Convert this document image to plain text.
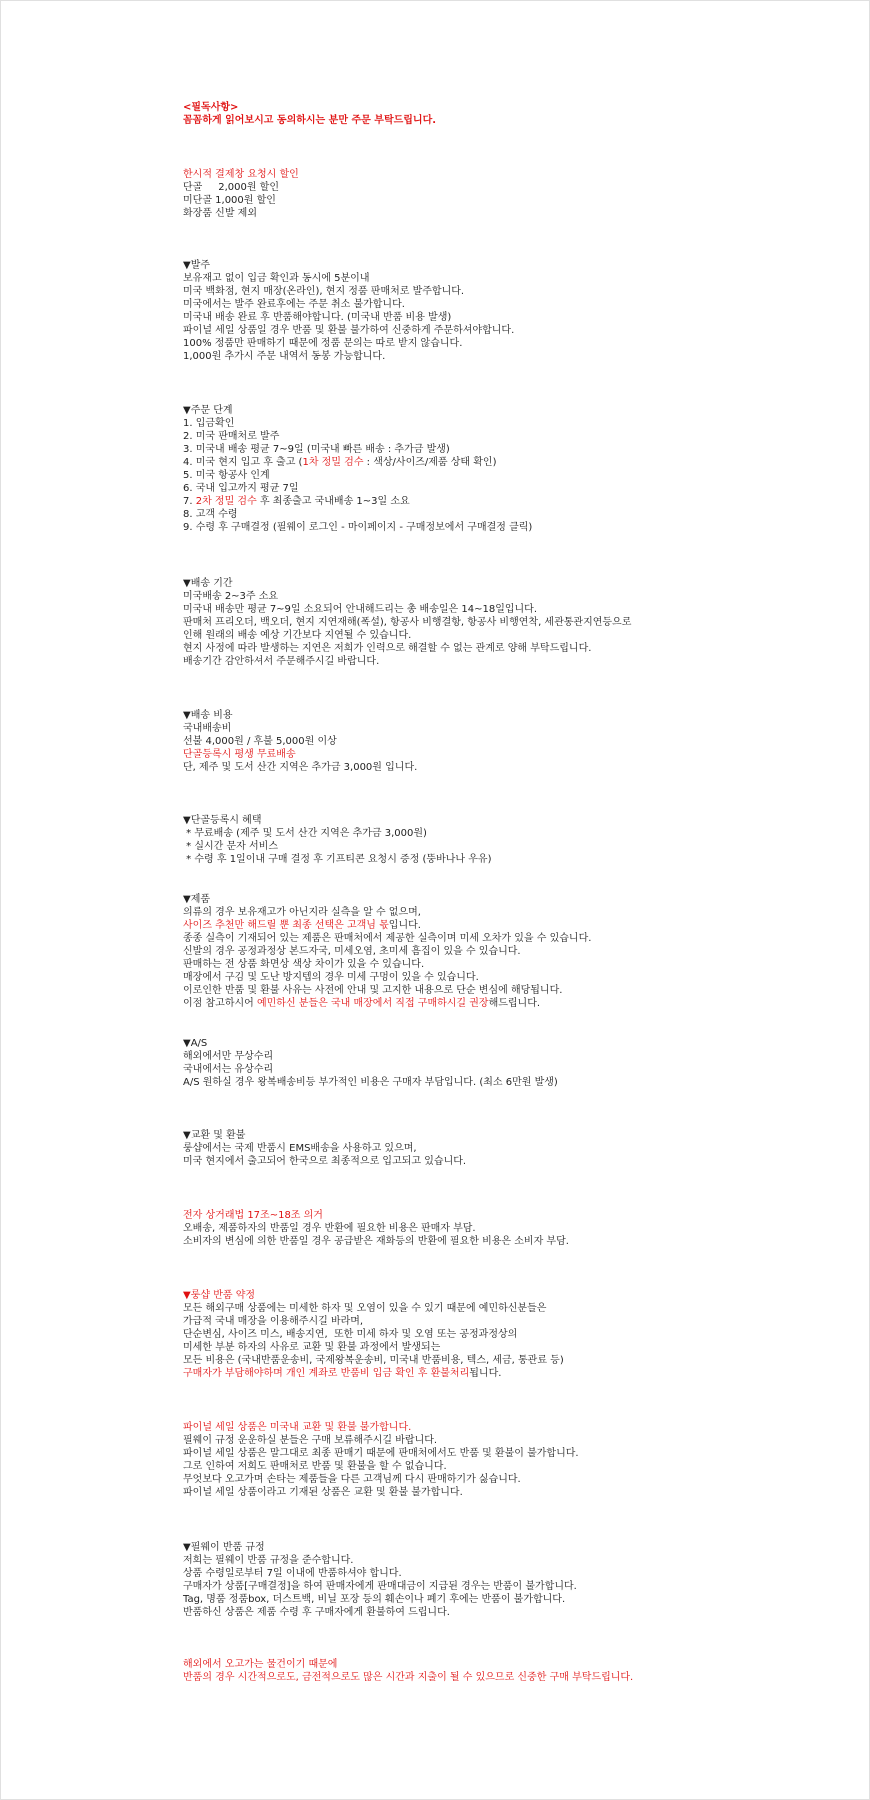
<필독사항>
꼼꼼하게 읽어보시고 동의하시는 분만 주문 부탁드립니다.
한시적 결제창 요청시 할인
단골     2,000원 할인
미단골 1,000원 할인
화장품 신발 제외
▼발주
보유재고 없이 입금 확인과 동시에 5분이내
미국 백화점, 현지 매장(온라인), 현지 정품 판매처로 발주합니다.
미국에서는 발주 완료후에는 주문 취소 불가합니다.
미국내 배송 완료 후 반품해야합니다. (미국내 반품 비용 발생)
파이널 세일 상품일 경우 반품 및 환불 불가하여 신중하게 주문하셔야합니다.
100% 정품만 판매하기 때문에 정품 문의는 따로 받지 않습니다.
1,000원 추가시 주문 내역서 동봉 가능합니다.
▼주문 단계
1. 입금확인
2. 미국 판매처로 발주
3. 미국내 배송 평균 7~9일 (미국내 빠른 배송 : 추가금 발생)
4. 미국 현지 입고 후 출고 (1차 정밀 검수 : 색상/사이즈/제품 상태 확인)
5. 미국 항공사 인계
6. 국내 입고까지 평균 7일
7. 2차 정밀 검수 후 최종출고 국내배송 1~3일 소요
8. 고객 수령
9. 수령 후 구매결정 (필웨이 로그인 - 마이페이지 - 구매정보에서 구매결정 클릭)
▼배송 기간
미국배송 2~3주 소요
미국내 배송만 평균 7~9일 소요되어 안내해드리는 총 배송일은 14~18일입니다.
판매처 프리오더, 백오더, 현지 지연재해(폭설), 항공사 비행결항, 항공사 비행연착, 세관통관지연등으로
인해 원래의 배송 예상 기간보다 지연될 수 있습니다.
현지 사정에 따라 발생하는 지연은 저희가 인력으로 해결할 수 없는 관계로 양해 부탁드립니다.
배송기간 감안하셔서 주문해주시길 바랍니다.
▼배송 비용
국내배송비
선불 4,000원 / 후불 5,000원 이상
단골등록시 평생 무료배송
단, 제주 및 도서 산간 지역은 추가금 3,000원 입니다.
▼단골등록시 혜택
* 무료배송 (제주 및 도서 산간 지역은 추가금 3,000원)
* 실시간 문자 서비스
* 수령 후 1일이내 구매 결정 후 기프티콘 요청시 증정 (뚱바나나 우유)
▼제품
의류의 경우 보유재고가 아닌지라 실측을 알 수 없으며,
사이즈 추천만 해드릴 뿐 최종 선택은 고객님 몫입니다.
종종 실측이 기재되어 있는 제품은 판매처에서 제공한 실측이며 미세 오차가 있을 수 있습니다.
신발의 경우 공정과정상 본드자국, 미세오염, 초미세 흠집이 있을 수 있습니다.
판매하는 전 상품 화면상 색상 차이가 있을 수 있습니다.
매장에서 구김 및 도난 방지텝의 경우 미세 구멍이 있을 수 있습니다.
이로인한 반품 및 환불 사유는 사전에 안내 및 고지한 내용으로 단순 변심에 해당됩니다.
이점 참고하시어 예민하신 분들은 국내 매장에서 직접 구매하시길 권장해드립니다.
▼A/S
해외에서만 무상수리
국내에서는 유상수리
A/S 원하실 경우 왕복배송비등 부가적인 비용은 구매자 부담입니다. (최소 6만원 발생)
▼교환 및 환불
룽샵에서는 국제 반품시 EMS배송을 사용하고 있으며,
미국 현지에서 출고되어 한국으로 최종적으로 입고되고 있습니다.
전자 상거래법 17조~18조 의거
오배송, 제품하자의 반품일 경우 반환에 필요한 비용은 판매자 부담.
소비자의 변심에 의한 반품일 경우 공급받은 재화등의 반환에 필요한 비용은 소비자 부담.
▼룽샵 반품 약정
모든 해외구매 상품에는 미세한 하자 및 오염이 있을 수 있기 때문에 예민하신분들은
가급적 국내 매장을 이용해주시길 바라며,
단순변심, 사이즈 미스, 배송지연,  또한 미세 하자 및 오염 또는 공정과정상의
미세한 부분 하자의 사유로 교환 및 환불 과정에서 발생되는
모든 비용은 (국내반품운송비, 국제왕복운송비, 미국내 반품비용, 텍스, 세금, 통관료 등)
구매자가 부담해야하며 개인 계좌로 반품비 입금 확인 후 환불처리됩니다.
파이널 세일 상품은 미국내 교환 및 환불 불가합니다.
필웨이 규정 운운하실 분들은 구매 보류해주시길 바랍니다.
파이널 세일 상품은 말그대로 최종 판매기 때문에 판매처에서도 반품 및 환불이 불가합니다.
그로 인하여 저희도 판매처로 반품 및 환불을 할 수 없습니다.
무엇보다 오고가며 손타는 제품들을 다른 고객님께 다시 판매하기가 싫습니다.
파이널 세일 상품이라고 기재된 상품은 교환 및 환불 불가합니다.
▼필웨이 반품 규정
저희는 필웨이 반품 규정을 준수합니다.
상품 수령일로부터 7일 이내에 반품하셔야 합니다.
구매자가 상품[구매결정]을 하여 판매자에게 판매대금이 지급된 경우는 반품이 불가합니다.
Tag, 명품 정품box, 더스트백, 비닐 포장 등의 훼손이나 폐기 후에는 반품이 불가합니다.
반품하신 상품은 제품 수령 후 구매자에게 환불하여 드립니다.
해외에서 오고가는 물건이기 때문에
반품의 경우 시간적으로도, 금전적으로도 많은 시간과 지출이 될 수 있으므로 신중한 구매 부탁드립니다.
